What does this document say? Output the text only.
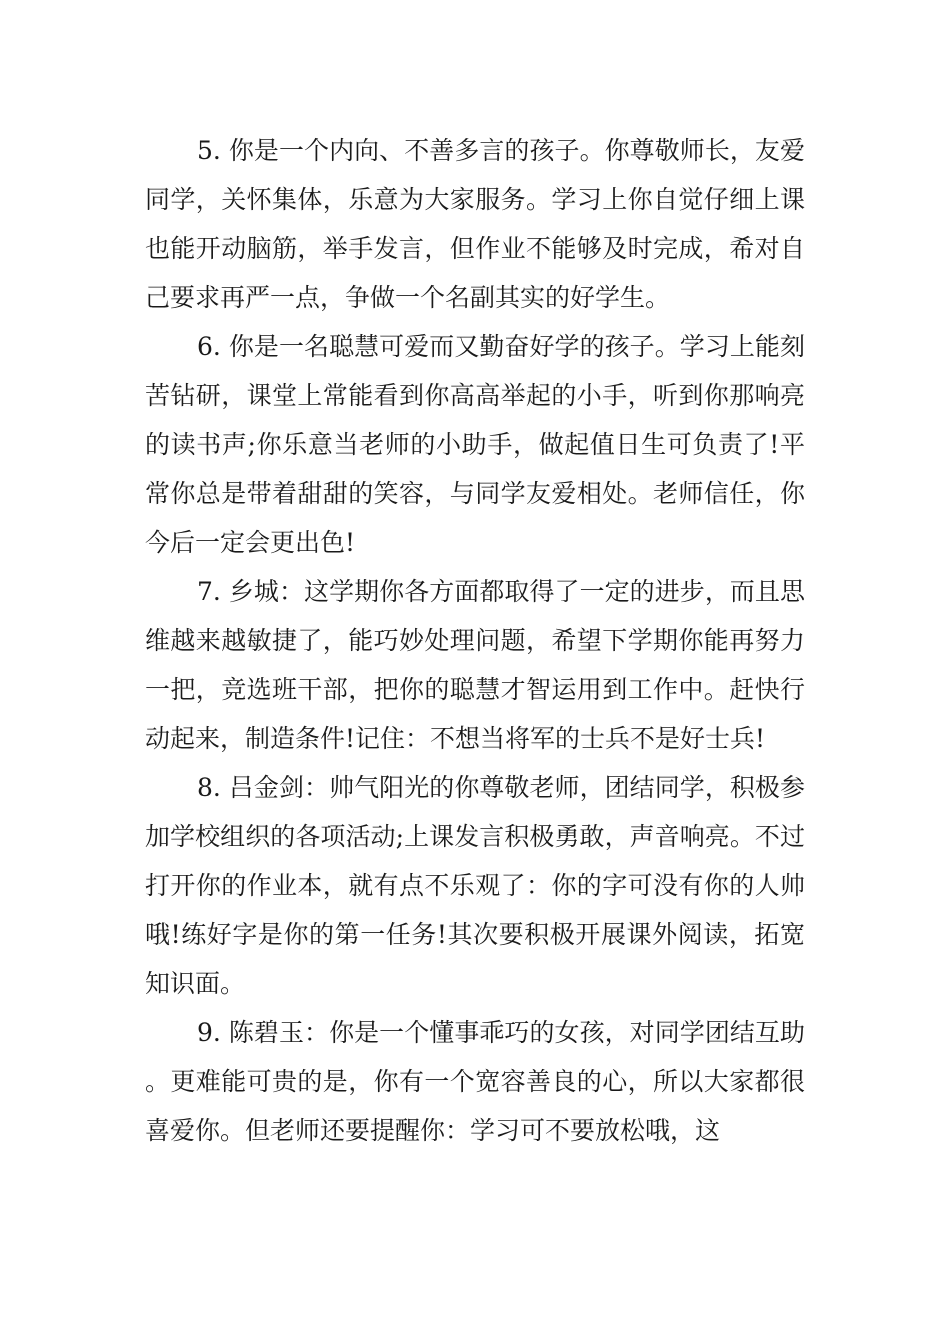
5. 你是一个内向、不善多言的孩子。你尊敬师长，友爱同学，关怀集体，乐意为大家服务。学习上你自觉仔细上课也能开动脑筋，举手发言，但作业不能够及时完成，希对自己要求再严一点，争做一个名副其实的好学生。

6. 你是一名聪慧可爱而又勤奋好学的孩子。学习上能刻苦钻研，课堂上常能看到你高高举起的小手，听到你那响亮的读书声;你乐意当老师的小助手，做起值日生可负责了!平常你总是带着甜甜的笑容，与同学友爱相处。老师信任，你今后一定会更出色!

7. 乡城：这学期你各方面都取得了一定的进步，而且思维越来越敏捷了，能巧妙处理问题，希望下学期你能再努力一把，竞选班干部，把你的聪慧才智运用到工作中。赶快行动起来，制造条件!记住：不想当将军的士兵不是好士兵!

8. 吕金剑：帅气阳光的你尊敬老师，团结同学，积极参加学校组织的各项活动;上课发言积极勇敢，声音响亮。不过打开你的作业本，就有点不乐观了：你的字可没有你的人帅哦!练好字是你的第一任务!其次要积极开展课外阅读，拓宽知识面。

9. 陈碧玉：你是一个懂事乖巧的女孩，对同学团结互助。更难能可贵的是，你有一个宽容善良的心，所以大家都很喜爱你。但老师还要提醒你：学习可不要放松哦，这
